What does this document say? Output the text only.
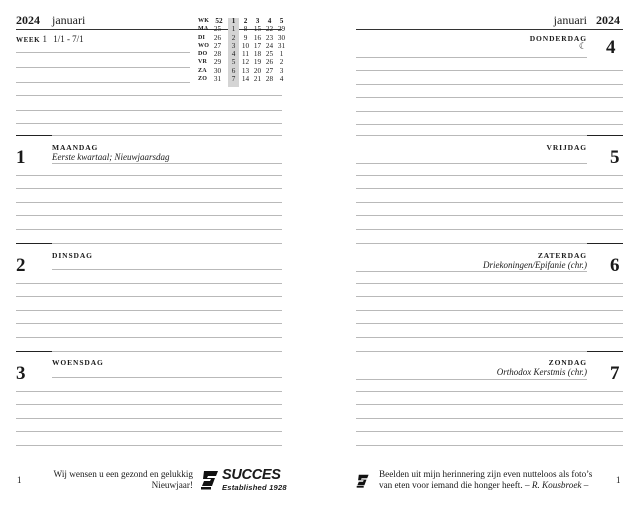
2024 januari
WEEK 1 1/1 - 7/1
WK 52	1	2	3	4	5
MA 25	1	8 15 22 29
DI	26	2	9 16 23 30
WO 27	3 10 17 24 31
DO 28	4 11 18 25 1
VR 29	5 12 19 26 2
ZA 30	6 13 20 27 3
ZO 31	7 14 21 28 4
1	MAANDAG
Eerste kwartaal; Nieuwjaarsdag
2	DINSDAG
3
WOENSDAG
1
Wij wensen u een gezond en gelukkig
Nieuwjaar!
SUCCES
Established 1928
januari 2024
DONDERDAG
☾ 4
VRIJDAG 5
ZATERDAG
Driekoningen/Epifanie (chr.) 6
ZONDAG
Orthodox Kerstmis (chr.) 7
Beelden uit mijn herinnering zijn even nutteloos als foto’s
van eten voor iemand die honger heeft. – R. Kousbroek –	1
